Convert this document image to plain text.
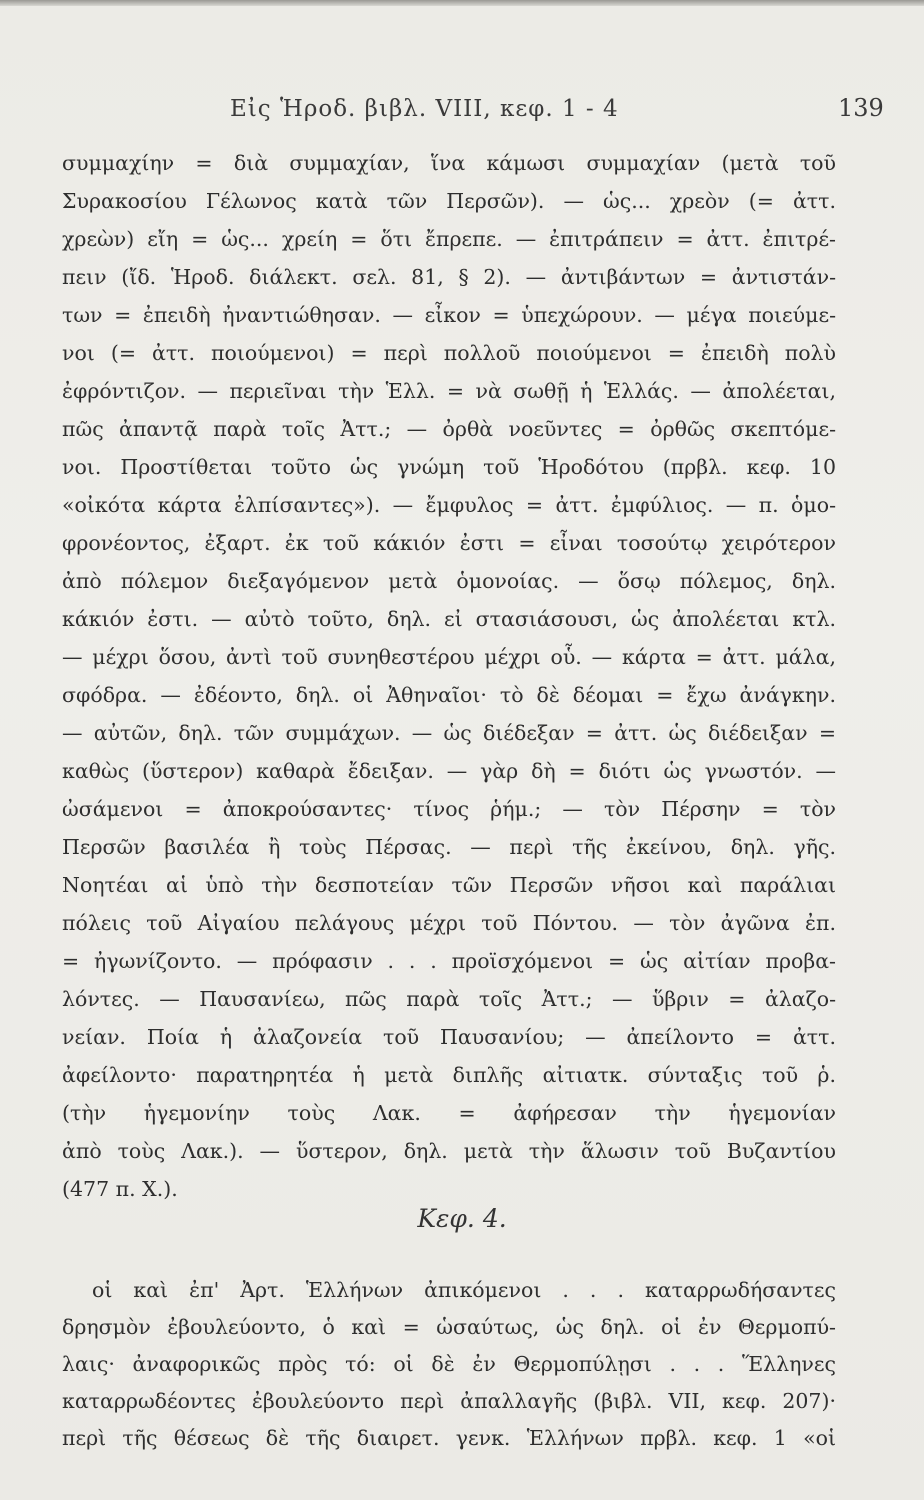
Εἰς Ἡροδ. βιβλ. VIII, κεφ. 1 - 4	139
συμμαχίην = διὰ συμμαχίαν, ἵνα κάμωσι συμμαχίαν (μετὰ τοῦ
Συρακοσίου Γέλωνος κατὰ τῶν Περσῶν). — ὡς... χρεὸν (= ἀττ.
χρεὼν) εἴη = ὡς... χρείη = ὅτι ἔπρεπε. — ἐπιτράπειν = ἀττ. ἐπιτρέ-
πειν (ἴδ. Ἡροδ. διάλεκτ. σελ. 81, § 2). — ἀντιβάντων = ἀντιστάν-
των = ἐπειδὴ ἠναντιώθησαν. — εἶκον = ὑπεχώρουν. — μέγα ποιεύμε-
νοι (= ἀττ. ποιούμενοι) = περὶ πολλοῦ ποιούμενοι = ἐπειδὴ πολὺ
ἐφρόντιζον. — περιεῖναι τὴν Ἑλλ. = νὰ σωθῇ ἡ Ἑλλάς. — ἀπολέεται,
πῶς ἀπαντᾷ παρὰ τοῖς Ἀττ.; — ὀρθὰ νοεῦντες = ὀρθῶς σκεπτόμε-
νοι. Προστίθεται τοῦτο ὡς γνώμη τοῦ Ἡροδότου (πρβλ. κεφ. 10
«οἰκότα κάρτα ἐλπίσαντες»). — ἔμφυλος = ἀττ. ἐμφύλιος. — π. ὁμο-
φρονέοντος, ἐξαρτ. ἐκ τοῦ κάκιόν ἐστι = εἶναι τοσούτῳ χειρότερον
ἀπὸ πόλεμον διεξαγόμενον μετὰ ὁμονοίας. — ὅσῳ πόλεμος, δηλ.
κάκιόν ἐστι. — αὐτὸ τοῦτο, δηλ. εἰ στασιάσουσι, ὡς ἀπολέεται κτλ.
— μέχρι ὅσου, ἀντὶ τοῦ συνηθεστέρου μέχρι οὗ. — κάρτα = ἀττ. μάλα,
σφόδρα. — ἐδέοντο, δηλ. οἱ Ἀθηναῖοι· τὸ δὲ δέομαι = ἔχω ἀνάγκην.
— αὐτῶν, δηλ. τῶν συμμάχων. — ὡς διέδεξαν = ἀττ. ὡς διέδειξαν =
καθὼς (ὕστερον) καθαρὰ ἔδειξαν. — γὰρ δὴ = διότι ὡς γνωστόν. —
ὠσάμενοι = ἀποκρούσαντες· τίνος ῥήμ.; — τὸν Πέρσην = τὸν
Περσῶν βασιλέα ἢ τοὺς Πέρσας. — περὶ τῆς ἐκείνου, δηλ. γῆς.
Νοητέαι αἱ ὑπὸ τὴν δεσποτείαν τῶν Περσῶν νῆσοι καὶ παράλιαι
πόλεις τοῦ Αἰγαίου πελάγους μέχρι τοῦ Πόντου. — τὸν ἀγῶνα ἐπ.
= ἠγωνίζοντο. — πρόφασιν . . . προϊσχόμενοι = ὡς αἰτίαν προβα-
λόντες. — Παυσανίεω, πῶς παρὰ τοῖς Ἀττ.; — ὕβριν = ἀλαζο-
νείαν. Ποία ἡ ἀλαζονεία τοῦ Παυσανίου; — ἀπείλοντο = ἀττ.
ἀφείλοντο· παρατηρητέα ἡ μετὰ διπλῆς αἰτιατκ. σύνταξις τοῦ ῥ.
(τὴν ἡγεμονίην τοὺς Λακ. = ἀφήρεσαν τὴν ἡγεμονίαν
ἀπὸ τοὺς Λακ.). — ὕστερον, δηλ. μετὰ τὴν ἅλωσιν τοῦ Βυζαντίου
(477 π. Χ.).
Κεφ. 4.
οἱ καὶ ἐπ' Ἀρτ. Ἑλλήνων ἀπικόμενοι . . . καταρρωδήσαντες
δρησμὸν ἐβουλεύοντο, ὁ καὶ = ὡσαύτως, ὡς δηλ. οἱ ἐν Θερμοπύ-
λαις· ἀναφορικῶς πρὸς τό: οἱ δὲ ἐν Θερμοπύλῃσι . . . Ἕλληνες
καταρρωδέοντες ἐβουλεύοντο περὶ ἀπαλλαγῆς (βιβλ. VII, κεφ. 207)·
περὶ τῆς θέσεως δὲ τῆς διαιρετ. γενκ. Ἑλλήνων πρβλ. κεφ. 1 «οἱ
